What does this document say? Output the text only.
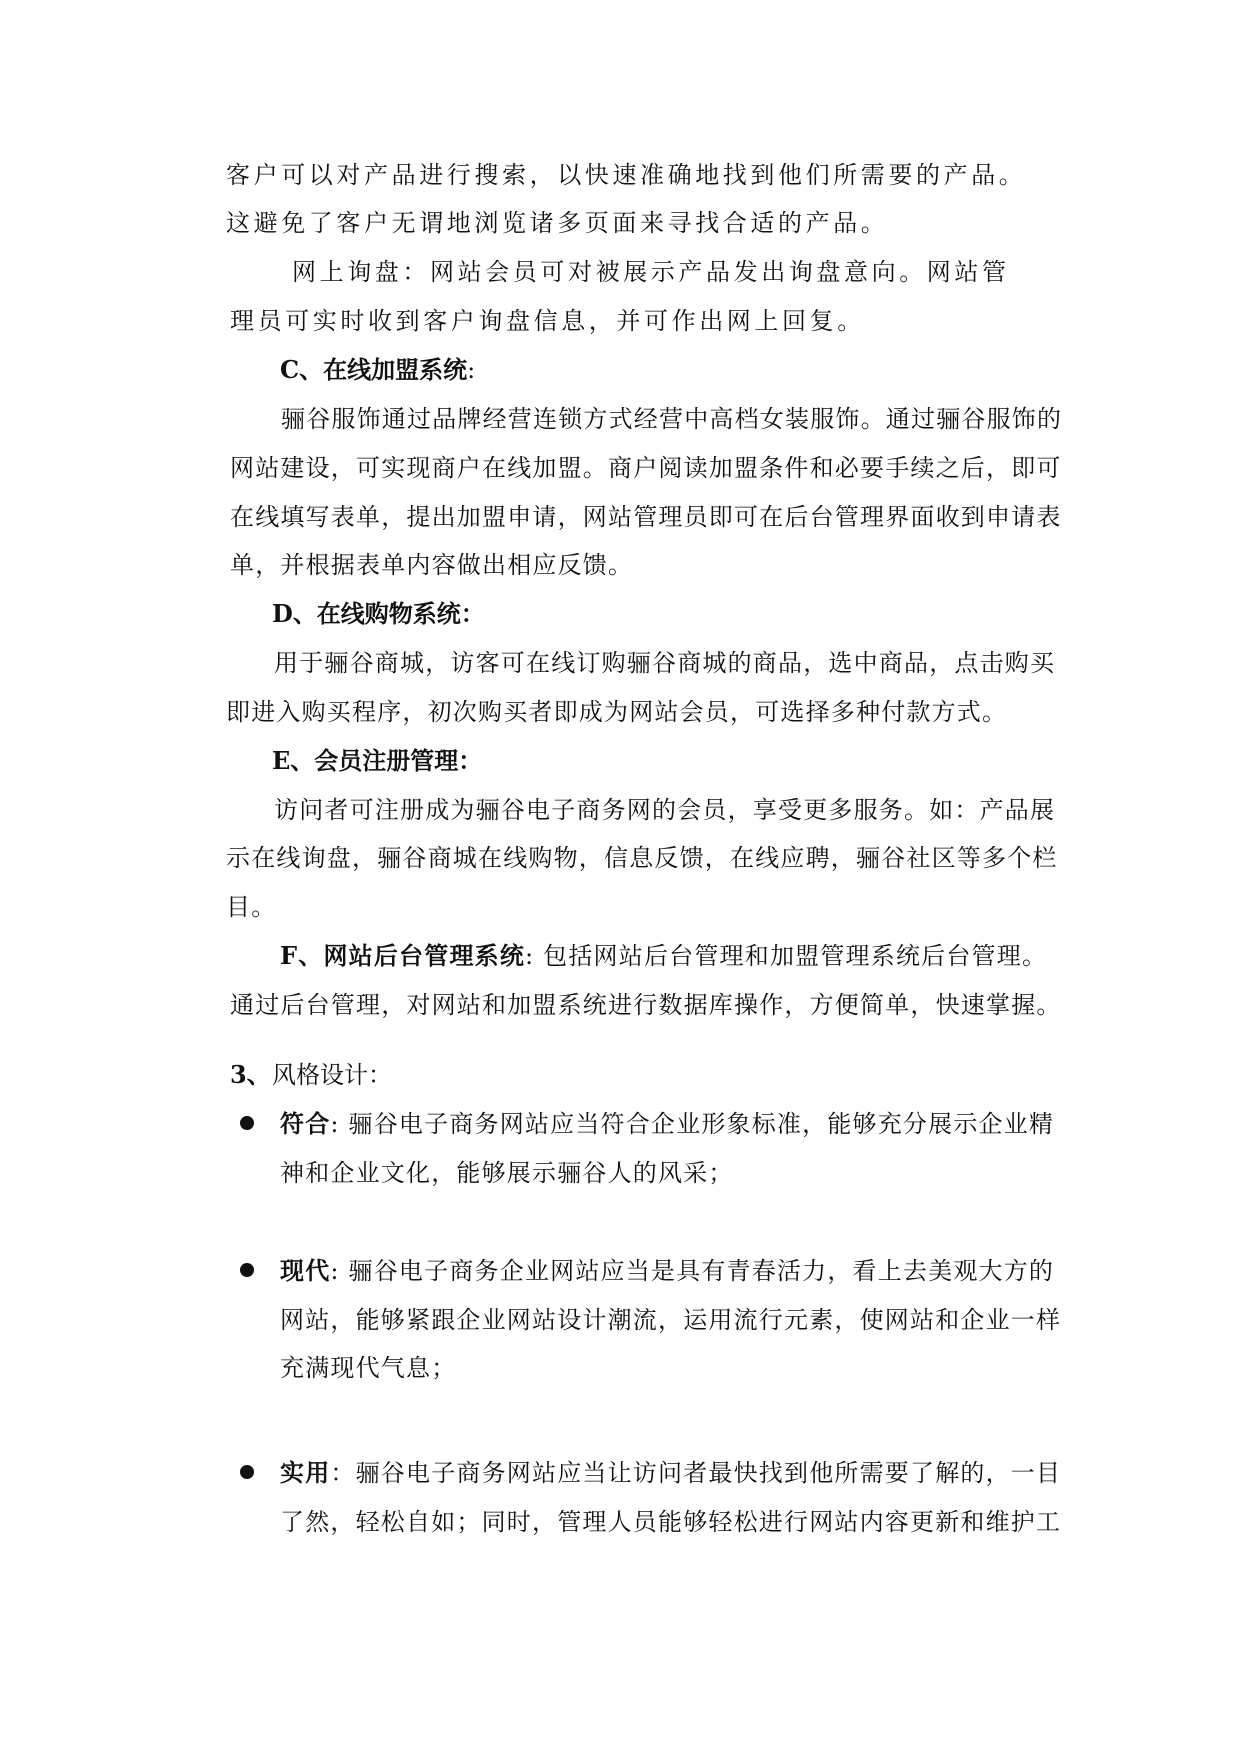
客户可以对产品进行搜索，以快速准确地找到他们所需要的产品。
这避免了客户无谓地浏览诸多页面来寻找合适的产品。
网上询盘：网站会员可对被展示产品发出询盘意向。网站管
理员可实时收到客户询盘信息，并可作出网上回复。
C、在线加盟系统:
骊谷服饰通过品牌经营连锁方式经营中高档女装服饰。通过骊谷服饰的
网站建设，可实现商户在线加盟。商户阅读加盟条件和必要手续之后，即可
在线填写表单，提出加盟申请，网站管理员即可在后台管理界面收到申请表
单，并根据表单内容做出相应反馈。
D、在线购物系统：
用于骊谷商城，访客可在线订购骊谷商城的商品，选中商品，点击购买
即进入购买程序，初次购买者即成为网站会员，可选择多种付款方式。
E、会员注册管理：
访问者可注册成为骊谷电子商务网的会员，享受更多服务。如：产品展
示在线询盘，骊谷商城在线购物，信息反馈，在线应聘，骊谷社区等多个栏
目。
F、网站后台管理系统: 包括网站后台管理和加盟管理系统后台管理。
通过后台管理，对网站和加盟系统进行数据库操作，方便简单，快速掌握。
3、 风格设计：
符合: 骊谷电子商务网站应当符合企业形象标准，能够充分展示企业精
神和企业文化，能够展示骊谷人的风采；
现代: 骊谷电子商务企业网站应当是具有青春活力，看上去美观大方的
网站，能够紧跟企业网站设计潮流，运用流行元素，使网站和企业一样
充满现代气息；
实用：骊谷电子商务网站应当让访问者最快找到他所需要了解的，一目
了然，轻松自如；同时，管理人员能够轻松进行网站内容更新和维护工
